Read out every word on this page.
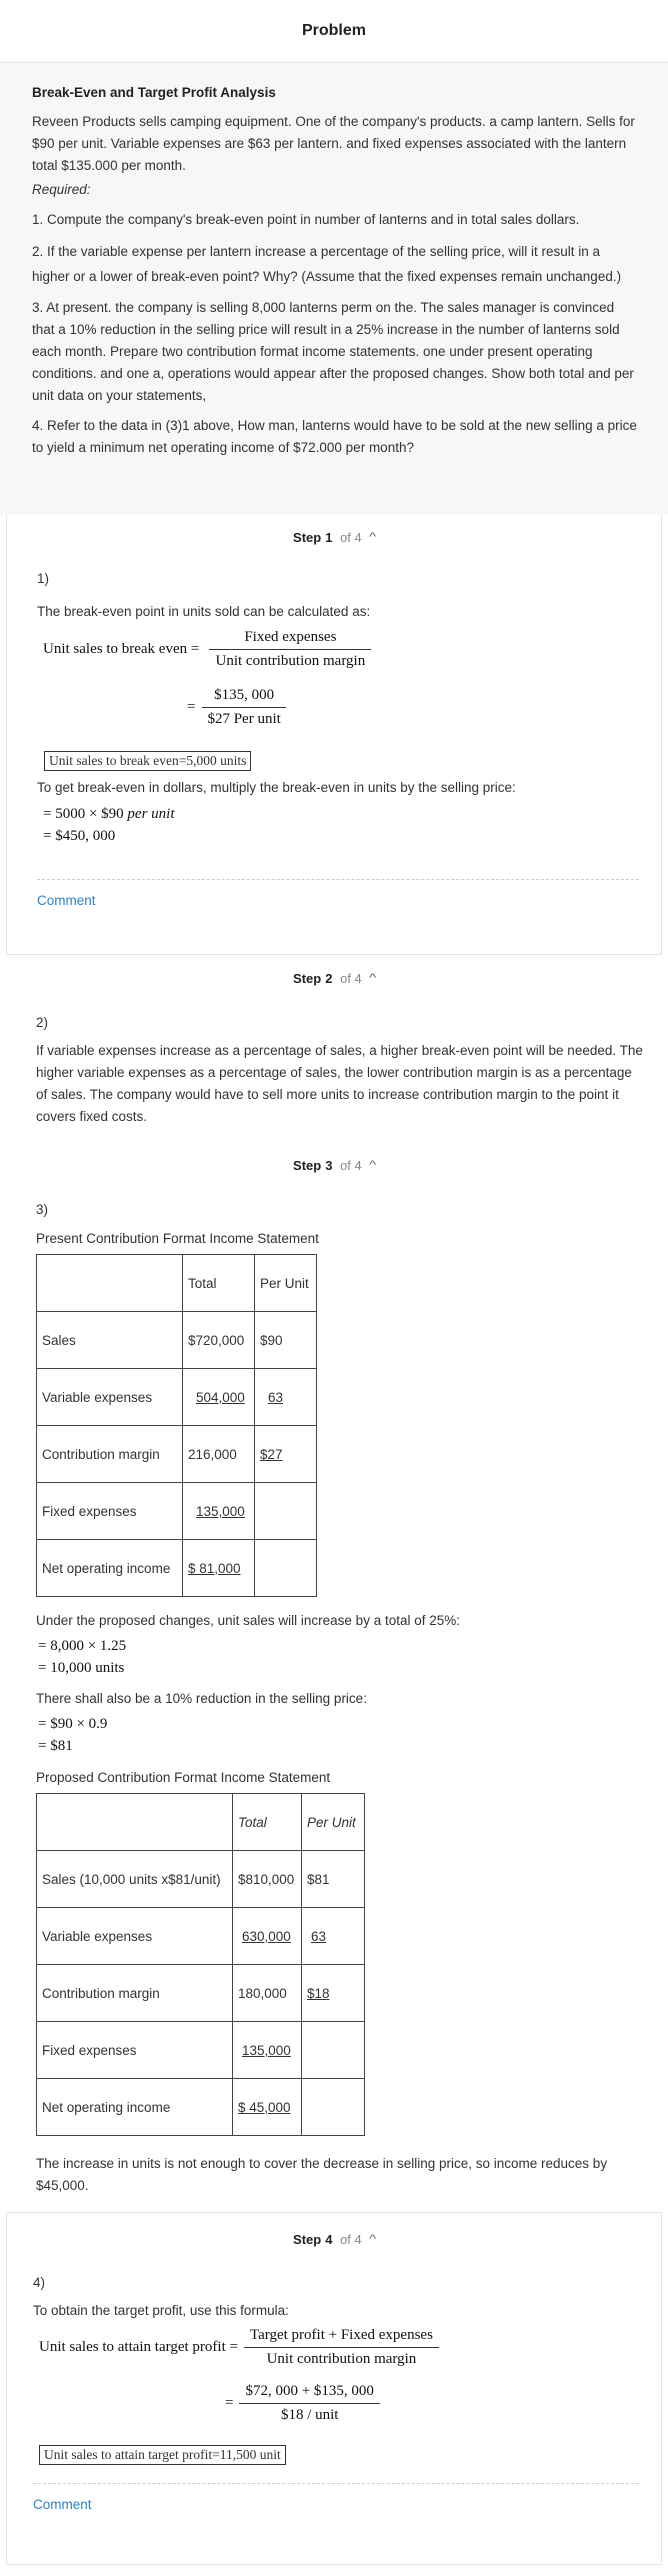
Problem
Break-Even and Target Profit Analysis

Reveen Products sells camping equipment. One of the company's products. a camp lantern. Sells for $90 per unit. Variable expenses are $63 per lantern. and fixed expenses associated with the lantern total $135.000 per month.

Required:

1. Compute the company's break-even point in number of lanterns and in total sales dollars.

2. If the variable expense per lantern increase a percentage of the selling price, will it result in a higher or a lower of break-even point? Why? (Assume that the fixed expenses remain unchanged.)

3. At present. the company is selling 8,000 lanterns perm on the. The sales manager is convinced that a 10% reduction in the selling price will result in a 25% increase in the number of lanterns sold each month. Prepare two contribution format income statements. one under present operating conditions. and one a, operations would appear after the proposed changes. Show both total and per unit data on your statements,

4. Refer to the data in (3)1 above, How man, lanterns would have to be sold at the new selling a price to yield a minimum net operating income of $72.000 per month?

Step 1
of 4 ^

1)

The break-even point in units sold can be calculated as:

Unit sales to break even
= $\frac{\text{Fixed expenses}}{\text{Unit contribution margin}}$
= $\frac{\$135, 000}{\text{\$27 Per unit}}$
Unit sales to break even=5,000 units

To get break-even in dollars, multiply the break-even in units by the selling price:

= 5000 × $90 per unit
= $450, 000
Comment
Step 2
of 4 ^

2)

If variable expenses increase as a percentage of sales, a higher break-even point will be needed. The higher variable expenses as a percentage of sales, the lower contribution margin is as a percentage of sales. The company would have to sell more units to increase contribution margin to the point it covers fixed costs.

Step 3
of 4 ^

3)

Present Contribution Format Income Statement

	Total	Per Unit
Sales	$720,000	$90
Variable expenses	504,000	63
Contribution margin	216,000	$27
Fixed expenses	135,000	
Net operating income	$ 81,000	

Under the proposed changes, unit sales will increase by a total of 25%:

= 8,000 × 1.25
= 10,000 units

There shall also be a 10% reduction in the selling price:

= $90 × 0.9
= $81

Proposed Contribution Format Income Statement

	Total	Per Unit
Sales (10,000 units x$81/unit)	$810,000	$81
Variable expenses	630,000	63
Contribution margin	180,000	$18
Fixed expenses	135,000	
Net operating income	$ 45,000	

The increase in units is not enough to cover the decrease in selling price, so income reduces by $45,000.

Step 4
of 4 ^

4)

To obtain the target profit, use this formula:

Unit sales to attain target profit
= $\frac{\text{Target profit + Fixed expenses}}{\text{Unit contribution margin}}$
= $\frac{\$72, 000 + \$135, 000}{\text{\$18 / unit}}$
Unit sales to attain target profit=11,500 unit
Comment
